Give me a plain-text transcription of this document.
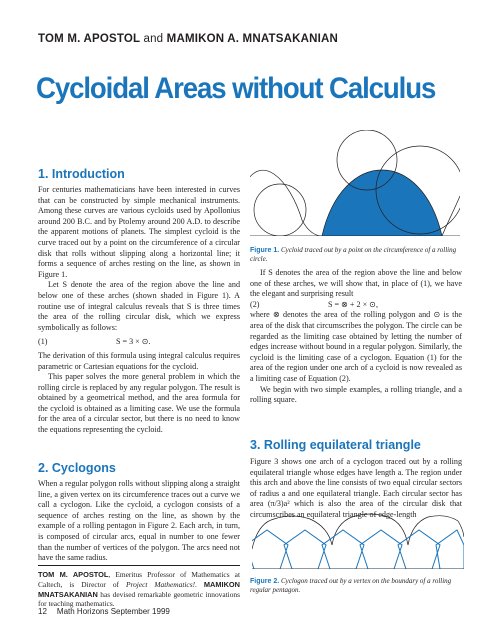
TOM M. APOSTOL and MAMIKON A. MNATSAKANIAN
Cycloidal Areas without Calculus
1. Introduction

For centuries mathematicians have been interested in curves that can be constructed by simple mechanical instruments. Among these curves are various cycloids used by Apollonius around 200 B.C. and by Ptolemy around 200 A.D. to describe the apparent motions of planets. The simplest cycloid is the curve traced out by a point on the circumference of a circular disk that rolls without slipping along a horizontal line; it forms a sequence of arches resting on the line, as shown in Figure 1.

Let S denote the area of the region above the line and below one of these arches (shown shaded in Figure 1). A routine use of integral calculus reveals that S is three times the area of the rolling circular disk, which we express symbolically as follows:

(1)	S = 3 × ⊙.

The derivation of this formula using integral calculus requires parametric or Cartesian equations for the cycloid.

This paper solves the more general problem in which the rolling circle is replaced by any regular polygon. The result is obtained by a geometrical method, and the area formula for the cycloid is obtained as a limiting case. We use the formula for the area of a circular sector, but there is no need to know the equations representing the cycloid.

2. Cyclogons

When a regular polygon rolls without slipping along a straight line, a given vertex on its circumference traces out a curve we call a cyclogon. Like the cycloid, a cyclogon consists of a sequence of arches resting on the line, as shown by the example of a rolling pentagon in Figure 2. Each arch, in turn, is composed of circular arcs, equal in number to one fewer than the number of vertices of the polygon. The arcs need not have the same radius.

TOM M. APOSTOL, Emeritus Professor of Mathematics at Caltech, is Director of Project Mathematics!. MAMIKON MNATSAKANIAN has devised remarkable geometric innovations for teaching mathematics.
12 Math Horizons September 1999
Figure 1. Cycloid traced out by a point on the circumference of a rolling circle.

If S denotes the area of the region above the line and below one of these arches, we will show that, in place of (1), we have the elegant and surprising result

(2)	S = ⊗ + 2 × ⊙,

where ⊗ denotes the area of the rolling polygon and ⊙ is the area of the disk that circumscribes the polygon. The circle can be regarded as the limiting case obtained by letting the number of edges increase without bound in a regular polygon. Similarly, the cycloid is the limiting case of a cyclogon. Equation (1) for the area of the region under one arch of a cycloid is now revealed as a limiting case of Equation (2).

We begin with two simple examples, a rolling triangle, and a rolling square.

3. Rolling equilateral triangle

Figure 3 shows one arch of a cyclogon traced out by a rolling equilateral triangle whose edges have length a. The region under this arch and above the line consists of two equal circular sectors of radius a and one equilateral triangle. Each circular sector has area (π/3)a² which is also the area of the circular disk that circumscribes an equilateral triangle of edge-length

Figure 2. Cyclogon traced out by a vertex on the boundary of a rolling regular pentagon.
